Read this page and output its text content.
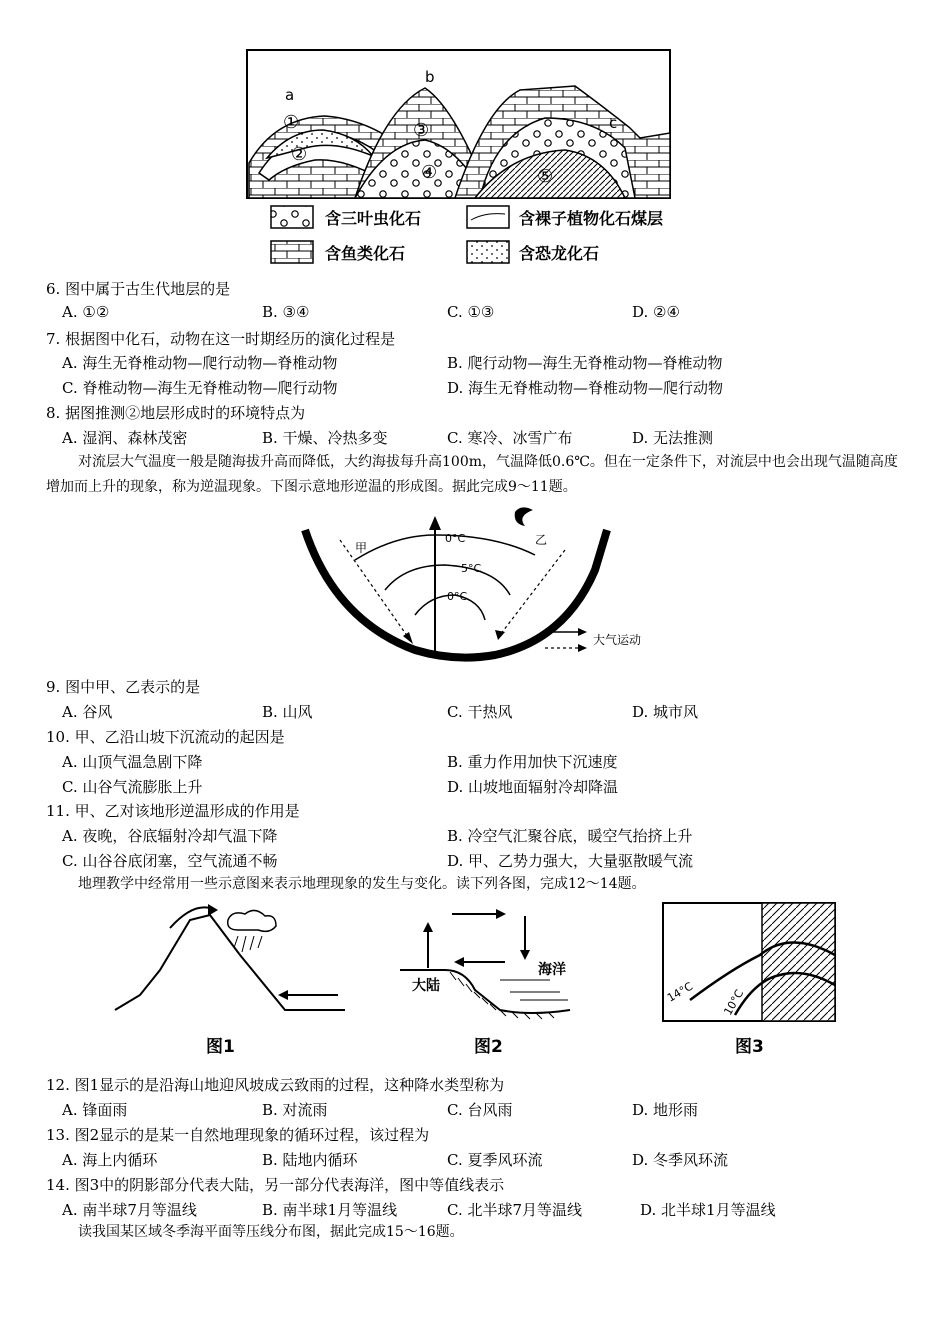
a
b
c
①
②
③
④	⑤
含三叶虫化石	含裸子植物化石煤层
含鱼类化石	含恐龙化石
6. 图中属于古生代地层的是
A. ①②	B. ③④	C. ①③	D. ②④
7. 根据图中化石，动物在这一时期经历的演化过程是
A. 海生无脊椎动物—爬行动物—脊椎动物	B. 爬行动物—海生无脊椎动物—脊椎动物
C. 脊椎动物—海生无脊椎动物—爬行动物	D. 海生无脊椎动物—脊椎动物—爬行动物
8. 据图推测②地层形成时的环境特点为
A. 湿润、森林茂密	B. 干燥、冷热多变	C. 寒冷、冰雪广布	D. 无法推测
对流层大气温度一般是随海拔升高而降低，大约海拔每升高100m，气温降低0.6℃。但在一定条件下，对流层中也会出现气温随高度增加而上升的现象，称为逆温现象。下图示意地形逆温的形成图。据此完成9～11题。
甲
乙
0°C
5°C
0°C
大气运动
9. 图中甲、乙表示的是
A. 谷风	B. 山风	C. 干热风	D. 城市风
10. 甲、乙沿山坡下沉流动的起因是
A. 山顶气温急剧下降	B. 重力作用加快下沉速度
C. 山谷气流膨胀上升	D. 山坡地面辐射冷却降温
11. 甲、乙对该地形逆温形成的作用是
A. 夜晚，谷底辐射冷却气温下降	B. 冷空气汇聚谷底，暖空气抬挤上升
C. 山谷谷底闭塞，空气流通不畅	D. 甲、乙势力强大，大量驱散暖气流
地理教学中经常用一些示意图来表示地理现象的发生与变化。读下列各图，完成12～14题。
图1
海洋
大陆
图2
14°C 10°C
图3
12. 图1显示的是沿海山地迎风坡成云致雨的过程，这种降水类型称为
A. 锋面雨	B. 对流雨	C. 台风雨	D. 地形雨
13. 图2显示的是某一自然地理现象的循环过程，该过程为
A. 海上内循环	B. 陆地内循环	C. 夏季风环流	D. 冬季风环流
14. 图3中的阴影部分代表大陆，另一部分代表海洋，图中等值线表示
A. 南半球7月等温线	B. 南半球1月等温线	C. 北半球7月等温线	D. 北半球1月等温线
读我国某区域冬季海平面等压线分布图，据此完成15～16题。
